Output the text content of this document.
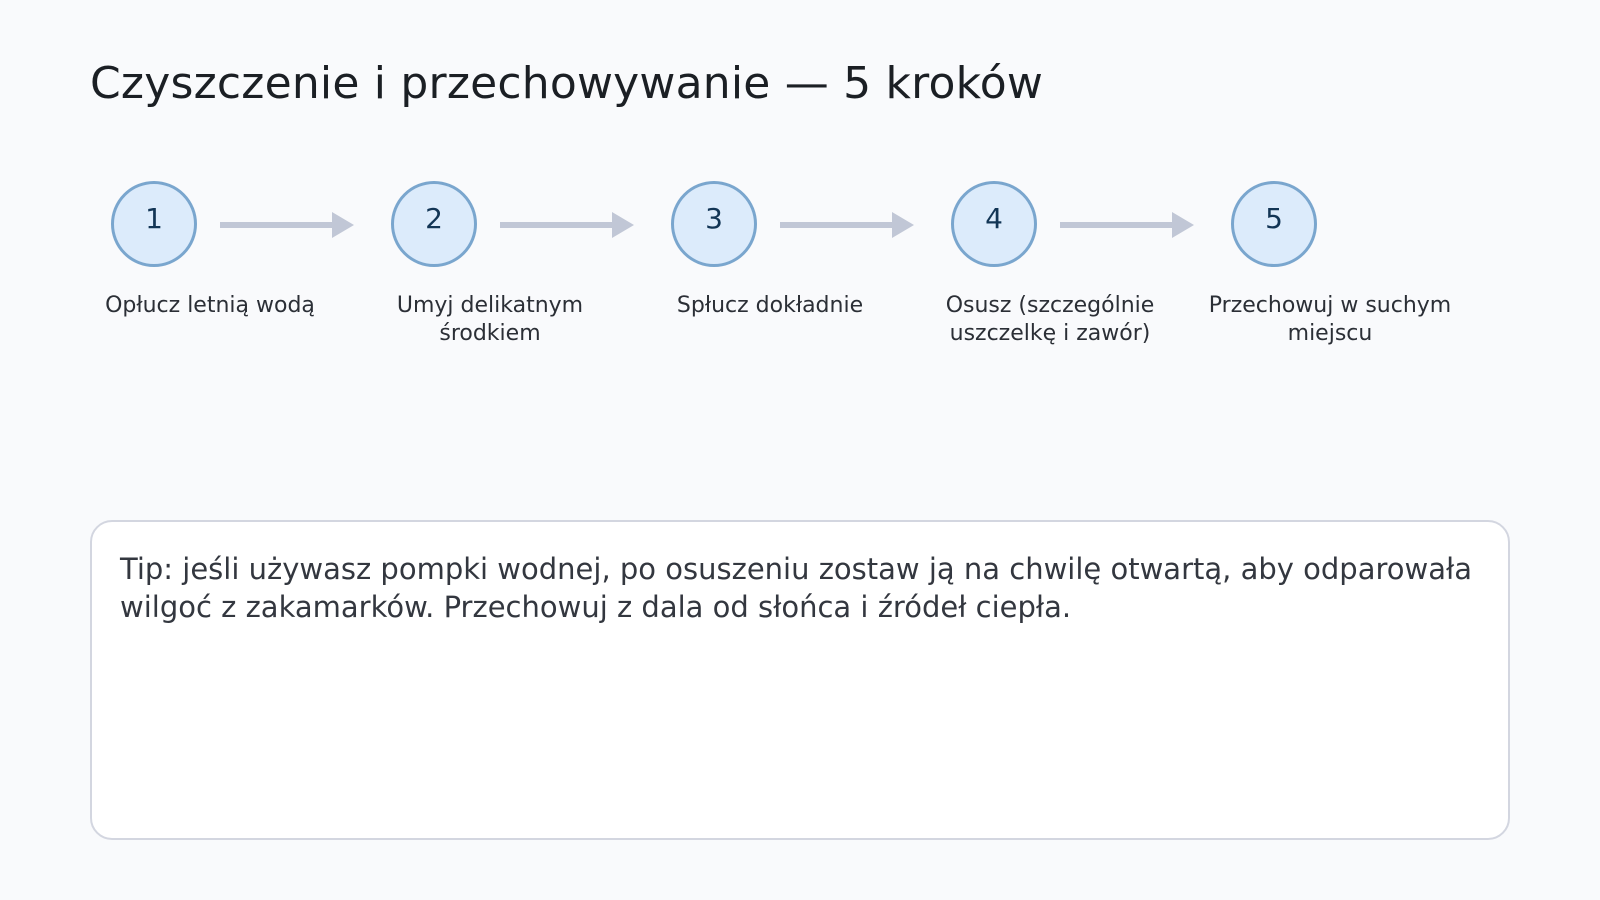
Czyszczenie i przechowywanie — 5 kroków
1
Opłucz letnią wodą
2
Umyj delikatnym środkiem
3
Spłucz dokładnie
4
Osusz (szczególnie uszczelkę i zawór)
5
Przechowuj w suchym miejscu

Tip: jeśli używasz pompki wodnej, po osuszeniu zostaw ją na chwilę otwartą, aby odparowała wilgoć z zakamarków. Przechowuj z dala od słońca i źródeł ciepła.
